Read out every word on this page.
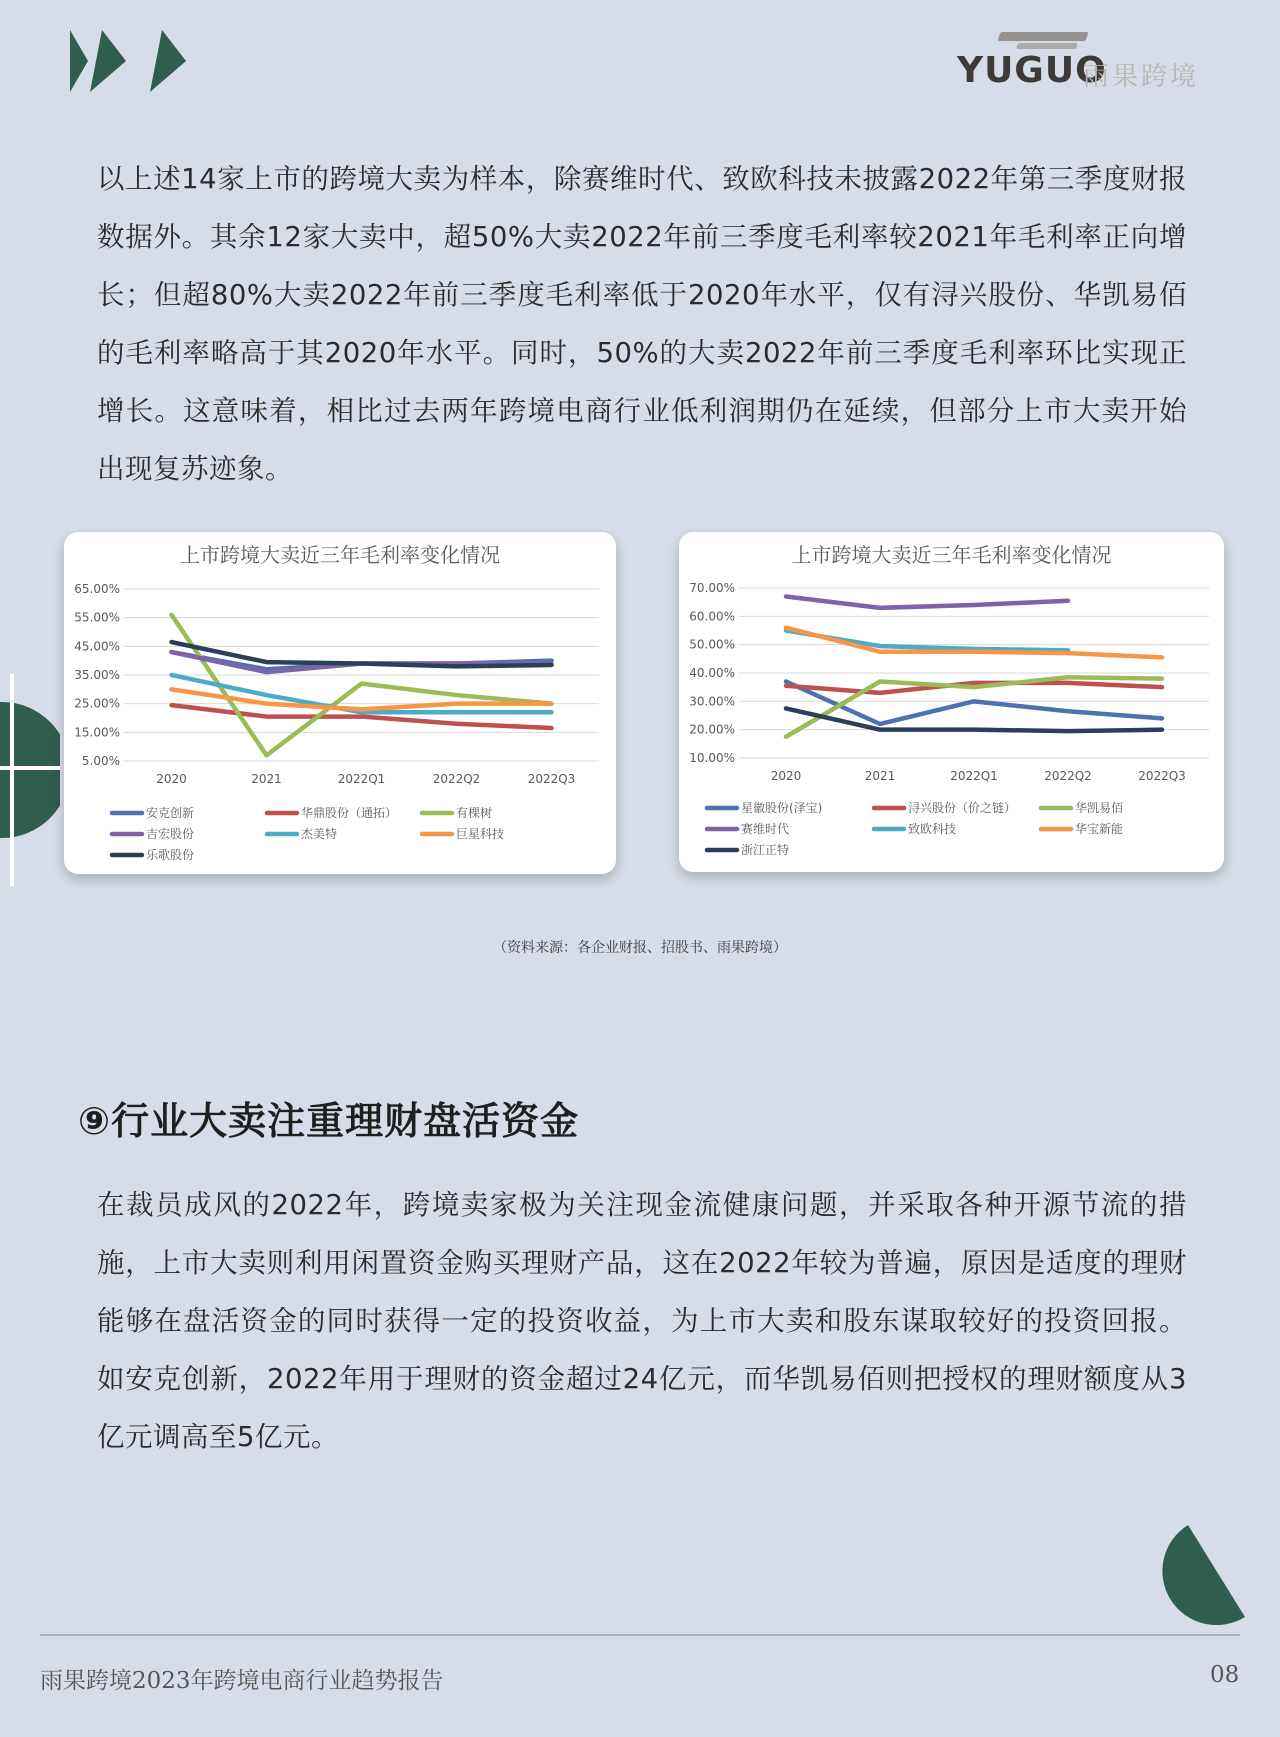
YUGUO
雨果跨境
以上述14家上市的跨境大卖为样本，除赛维时代、致欧科技未披露2022年第三季度财报数据外。其余12家大卖中，超50%大卖2022年前三季度毛利率较2021年毛利率正向增长；但超80%大卖2022年前三季度毛利率低于2020年水平，仅有浔兴股份、华凯易佰的毛利率略高于其2020年水平。同时，50%的大卖2022年前三季度毛利率环比实现正增长。这意味着，相比过去两年跨境电商行业低利润期仍在延续，但部分上市大卖开始出现复苏迹象。
上市跨境大卖近三年毛利率变化情况
65.00%
55.00%
45.00%
35.00%
25.00%
15.00%
5.00%
2020	2021	2022Q1	2022Q2	2022Q3
安克创新	华鼎股份（通拓）	有棵树
吉宏股份	杰美特	巨星科技
乐歌股份
上市跨境大卖近三年毛利率变化情况
70.00%
60.00%
50.00%
40.00%
30.00%
20.00%
10.00%
2020	2021	2022Q1	2022Q2	2022Q3
星徽股份(泽宝)	浔兴股份（价之链）	华凯易佰
赛维时代	致欧科技	华宝新能
浙江正特
（资料来源：各企业财报、招股书、雨果跨境）
⑨行业大卖注重理财盘活资金
在裁员成风的2022年，跨境卖家极为关注现金流健康问题，并采取各种开源节流的措施，上市大卖则利用闲置资金购买理财产品，这在2022年较为普遍，原因是适度的理财能够在盘活资金的同时获得一定的投资收益，为上市大卖和股东谋取较好的投资回报。如安克创新，2022年用于理财的资金超过24亿元，而华凯易佰则把授权的理财额度从3亿元调高至5亿元。
雨果跨境2023年跨境电商行业趋势报告	08
